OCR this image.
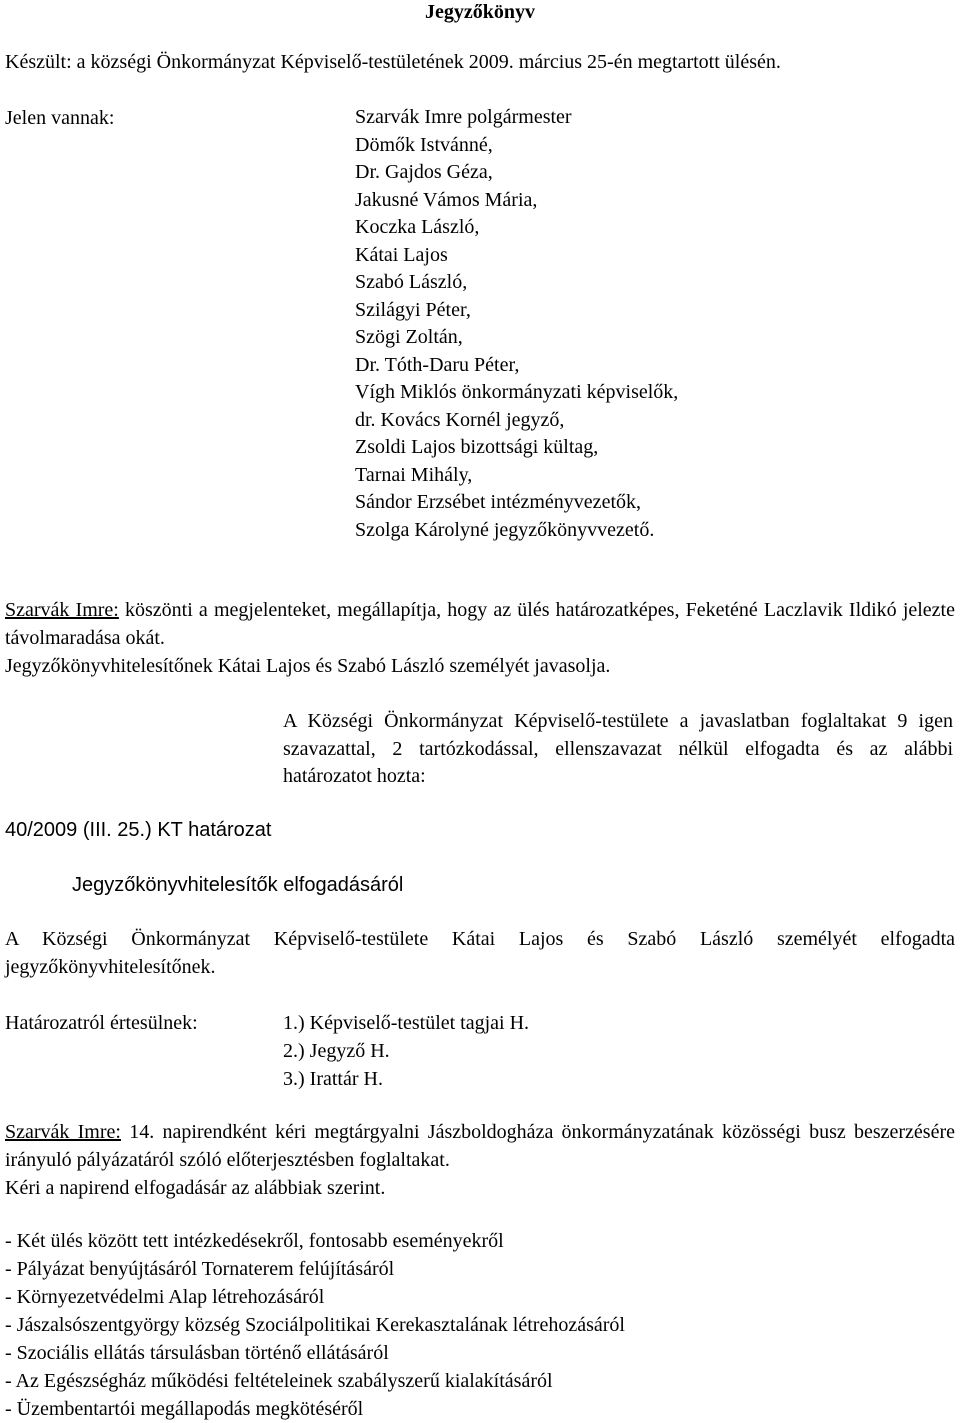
Jegyzőkönyv
Készült: a községi Önkormányzat Képviselő-testületének 2009. március 25-én megtartott ülésén.
Jelen vannak:	Szarvák Imre polgármester
Dömők Istvánné,
Dr. Gajdos Géza,
Jakusné Vámos Mária,
Koczka László,
Kátai Lajos
Szabó László,
Szilágyi Péter,
Szögi Zoltán,
Dr. Tóth-Daru Péter,
Vígh Miklós önkormányzati képviselők,
dr. Kovács Kornél jegyző,
Zsoldi Lajos bizottsági kültag,
Tarnai Mihály,
Sándor Erzsébet intézményvezetők,
Szolga Károlyné jegyzőkönyvvezető.
Szarvák Imre: köszönti a megjelenteket, megállapítja, hogy az ülés határozatképes, Feketéné Laczlavik Ildikó jelezte távolmaradása okát.
Jegyzőkönyvhitelesítőnek Kátai Lajos és Szabó László személyét javasolja.
A Községi Önkormányzat Képviselő-testülete a javaslatban foglaltakat 9 igen szavazattal, 2 tartózkodással, ellenszavazat nélkül elfogadta és az alábbi határozatot hozta:
40/2009 (III. 25.) KT határozat
Jegyzőkönyvhitelesítők elfogadásáról
A Községi Önkormányzat Képviselő-testülete Kátai Lajos és Szabó László személyét elfogadta jegyzőkönyvhitelesítőnek.
Határozatról értesülnek:	1.) Képviselő-testület tagjai H.
2.) Jegyző H.
3.) Irattár H.
Szarvák Imre: 14. napirendként kéri megtárgyalni Jászboldogháza önkormányzatának közösségi busz beszerzésére irányuló pályázatáról szóló előterjesztésben foglaltakat.
Kéri a napirend elfogadásár az alábbiak szerint.
- Két ülés között tett intézkedésekről, fontosabb eseményekről
- Pályázat benyújtásáról Tornaterem felújításáról
- Környezetvédelmi Alap létrehozásáról
- Jászalsószentgyörgy község Szociálpolitikai Kerekasztalának létrehozásáról
- Szociális ellátás társulásban történő ellátásáról
- Az Egészségház működési feltételeinek szabályszerű kialakításáról
- Üzembentartói megállapodás megkötéséről
